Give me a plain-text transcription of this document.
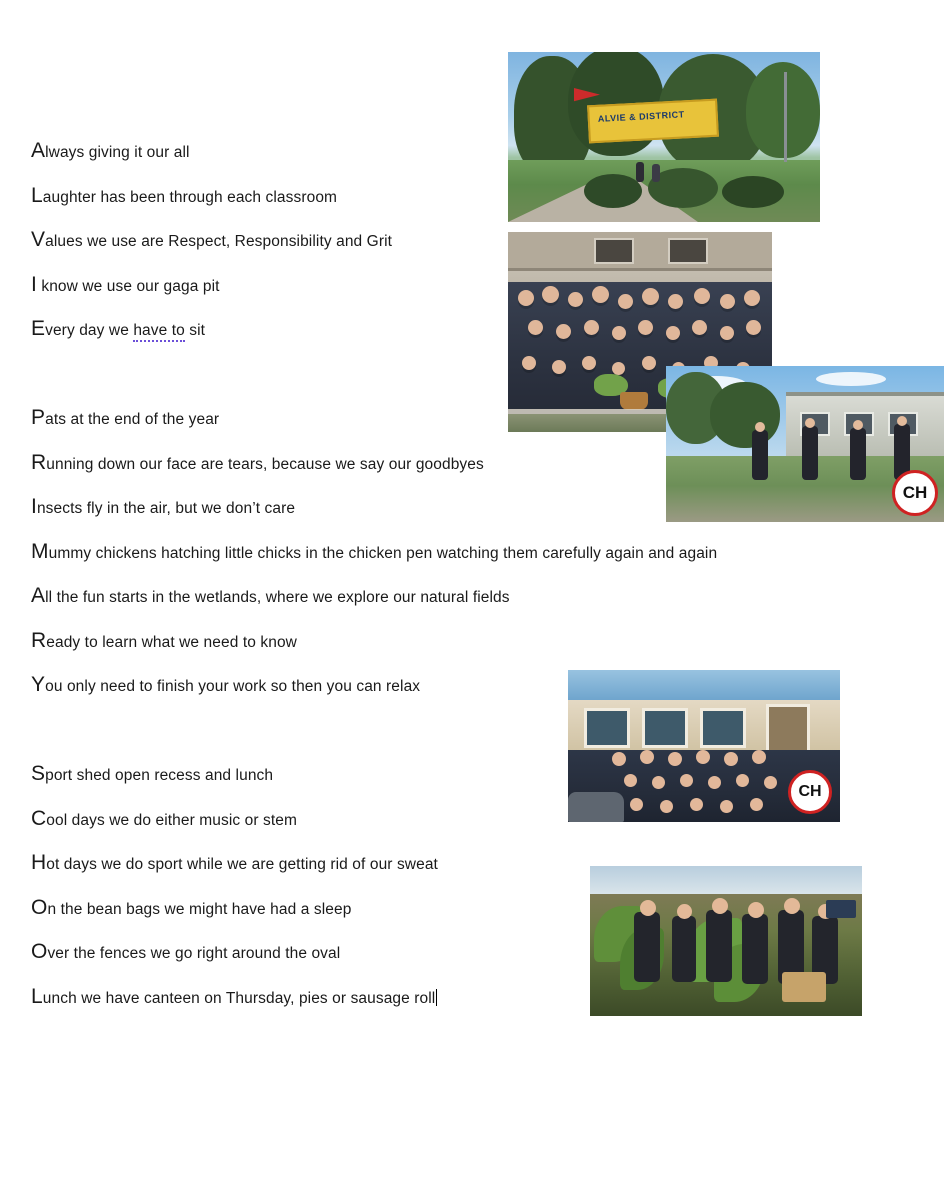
Always giving it our all
Laughter has been through each classroom
Values we use are Respect, Responsibility and Grit
I know we use our gaga pit
Every day we have to sit
Pats at the end of the year
Running down our face are tears, because we say our goodbyes
Insects fly in the air, but we don’t care
Mummy chickens hatching little chicks in the chicken pen watching them carefully again and again
All the fun starts in the wetlands, where we explore our natural fields
Ready to learn what we need to know
You only need to finish your work so then you can relax
Sport shed open recess and lunch
Cool days we do either music or stem
Hot days we do sport while we are getting rid of our sweat
On the bean bags we might have had a sleep
Over the fences we go right around the oval
Lunch we have canteen on Thursday, pies or sausage roll
ALVIE & DISTRICT
CH
CH
